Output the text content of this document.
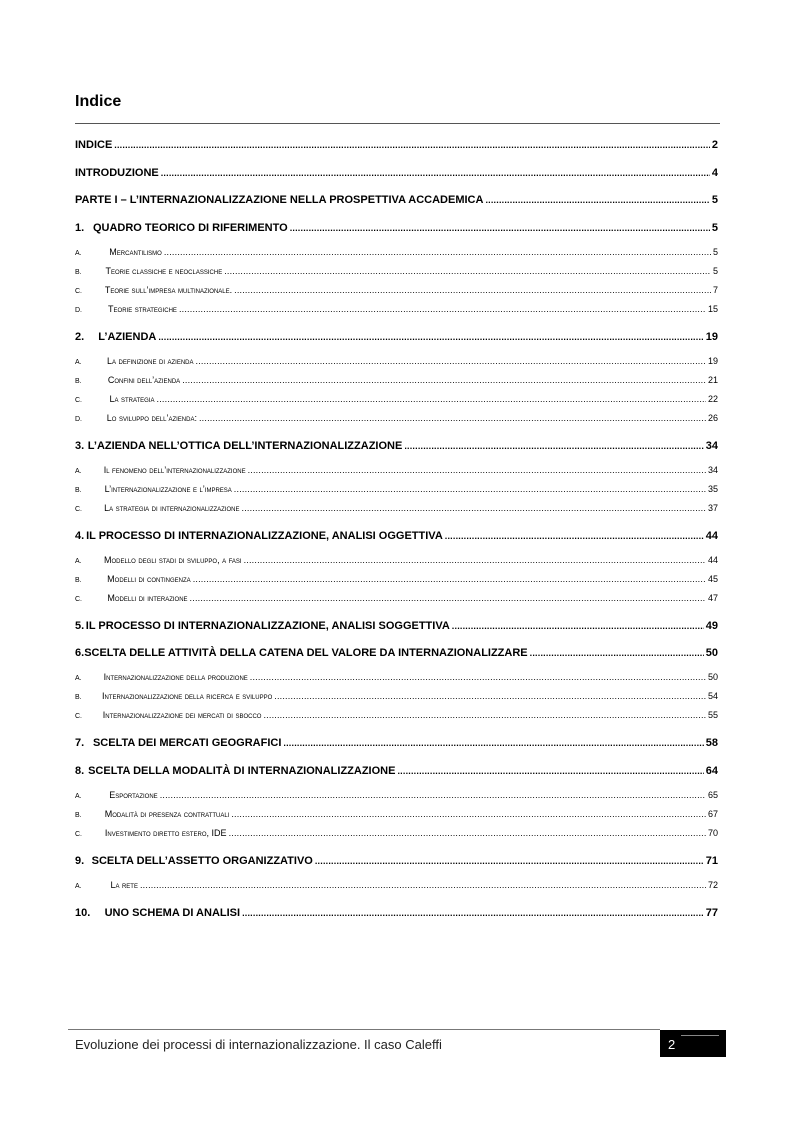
Indice
INDICE .....	2
INTRODUZIONE .....	4
PARTE I – L’INTERNAZIONALIZZAZIONE NELLA PROSPETTIVA ACCADEMICA .....	5
1. QUADRO TEORICO DI RIFERIMENTO .....	5
A.	Mercantilismo .....	5
B.	Teorie classiche e neoclassiche .....	5
C.	Teorie sull’impresa multinazionale. .....	7
D.	Teorie strategiche .....	15
2.	L’AZIENDA .....	19
A.	La definizione di azienda .....	19
B.	Confini dell’azienda .....	21
C.	La strategia .....	22
D.	Lo sviluppo dell’azienda: .....	26
3. L’AZIENDA NELL’OTTICA DELL’INTERNAZIONALIZZAZIONE .....	34
A.	Il fenomeno dell’internazionalizzazione .....	34
B.	L’internazionalizzazione e l’impresa .....	35
C.	La strategia di internazionalizzazione .....	37
4. IL PROCESSO DI INTERNAZIONALIZZAZIONE, ANALISI OGGETTIVA .....	44
A.	Modello degli stadi di sviluppo, a fasi .....	44
B.	Modelli di contingenza .....	45
C.	Modelli di interazione .....	47
5. IL PROCESSO DI INTERNAZIONALIZZAZIONE, ANALISI SOGGETTIVA .....	49
6. SCELTA DELLE ATTIVITÀ DELLA CATENA DEL VALORE DA INTERNAZIONALIZZARE .....	50
A.	Internazionalizzazione della produzione .....	50
B.	Internazionalizzazione della ricerca e sviluppo .....	54
C.	Internazionalizzazione dei mercati di sbocco .....	55
7. SCELTA DEI MERCATI GEOGRAFICI .....	58
8. SCELTA DELLA MODALITÀ DI INTERNAZIONALIZZAZIONE .....	64
A.	Esportazione .....	65
B.	Modalità di presenza contrattuali .....	67
C.	Investimento diretto estero, IDE .....	70
9. SCELTA DELL’ASSETTO ORGANIZZATIVO .....	71
A.	La rete .....	72
10.	UNO SCHEMA DI ANALISI .....	77
Evoluzione dei processi di internazionalizzazione. Il caso Caleffi	2
